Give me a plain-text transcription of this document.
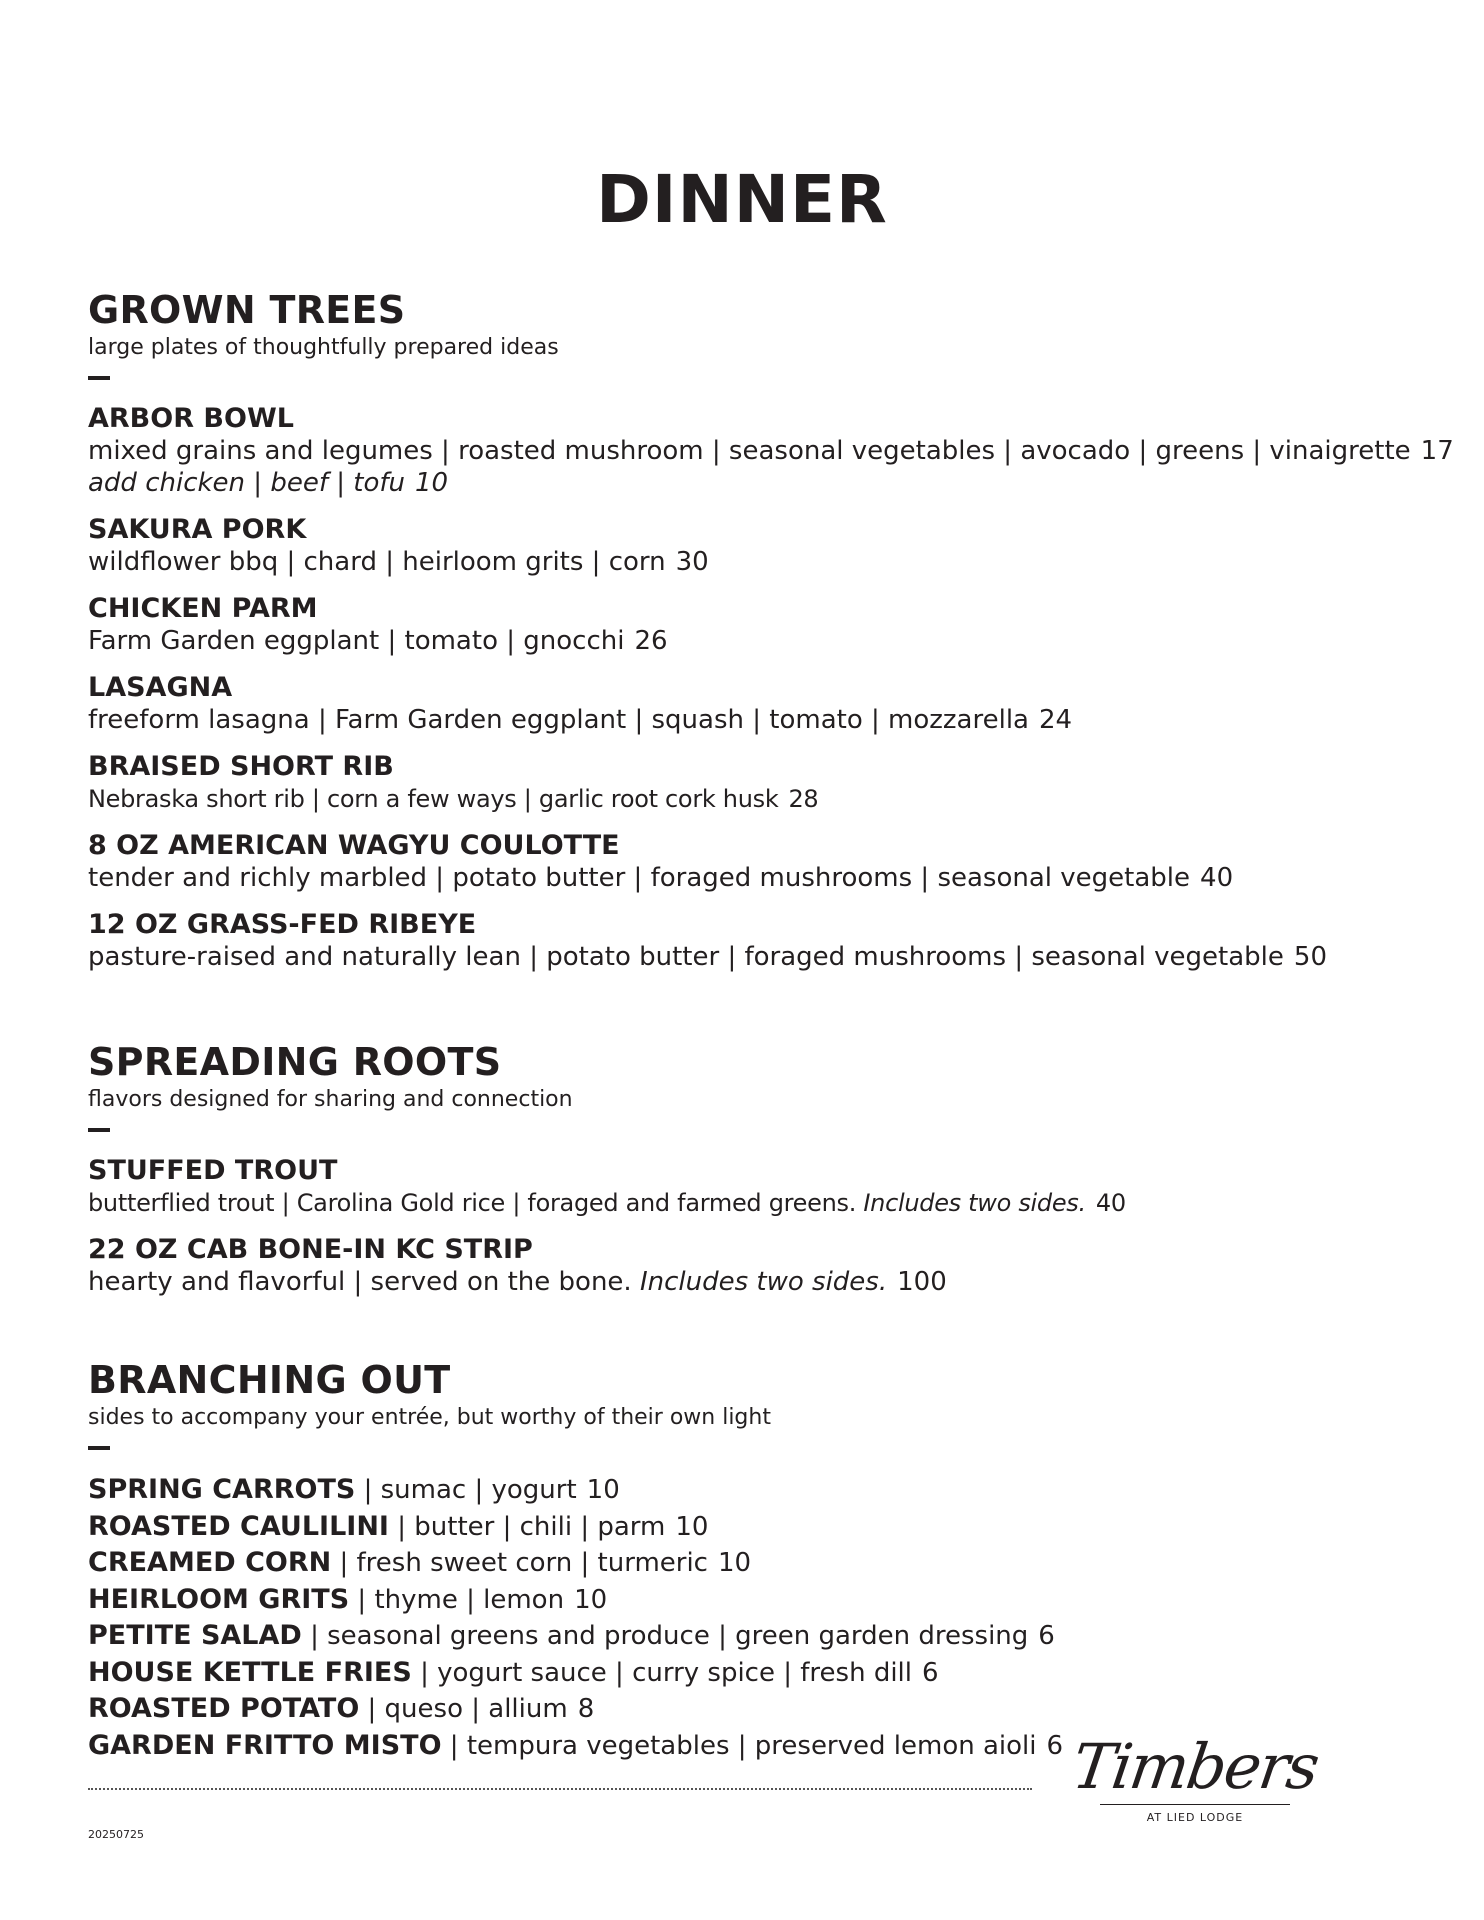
DINNER
GROWN TREES
large plates of thoughtfully prepared ideas
ARBOR BOWL
mixed grains and legumes | roasted mushroom | seasonal vegetables | avocado | greens | vinaigrette 17
add chicken | beef | tofu 10
SAKURA PORK
wildflower bbq | chard | heirloom grits | corn 30
CHICKEN PARM
Farm Garden eggplant | tomato | gnocchi 26
LASAGNA
freeform lasagna | Farm Garden eggplant | squash | tomato | mozzarella 24
BRAISED SHORT RIB
Nebraska short rib | corn a few ways | garlic root cork husk 28
8 OZ AMERICAN WAGYU COULOTTE
tender and richly marbled | potato butter | foraged mushrooms | seasonal vegetable 40
12 OZ GRASS-FED RIBEYE
pasture-raised and naturally lean | potato butter | foraged mushrooms | seasonal vegetable 50
SPREADING ROOTS
flavors designed for sharing and connection
STUFFED TROUT
butterflied trout | Carolina Gold rice | foraged and farmed greens. Includes two sides. 40
22 OZ CAB BONE-IN KC STRIP
hearty and flavorful | served on the bone. Includes two sides. 100
BRANCHING OUT
sides to accompany your entrée, but worthy of their own light
SPRING CARROTS | sumac | yogurt 10
ROASTED CAULILINI | butter | chili | parm 10
CREAMED CORN | fresh sweet corn | turmeric 10
HEIRLOOM GRITS | thyme | lemon 10
PETITE SALAD | seasonal greens and produce | green garden dressing 6
HOUSE KETTLE FRIES | yogurt sauce | curry spice | fresh dill 6
ROASTED POTATO | queso | allium 8
GARDEN FRITTO MISTO | tempura vegetables | preserved lemon aioli 6
20250725
Timbers
AT LIED LODGE
